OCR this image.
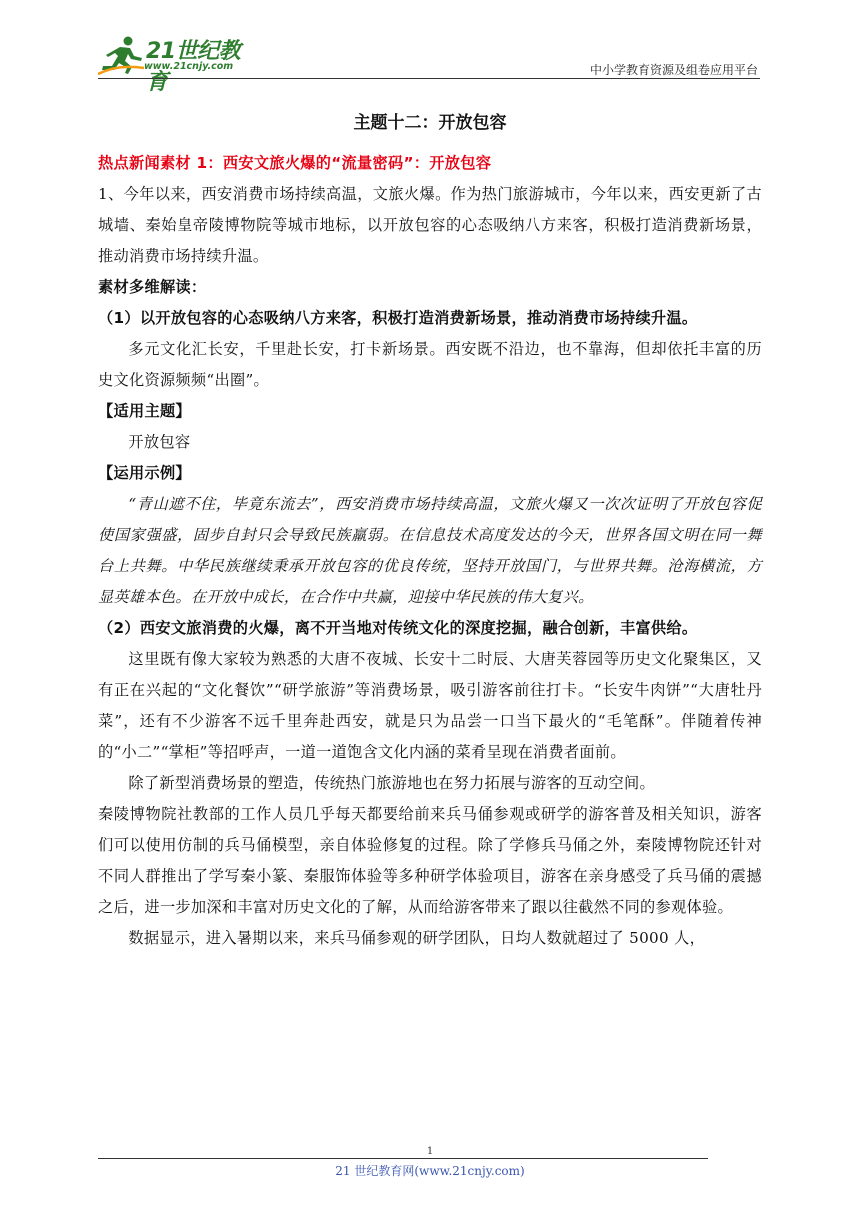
21世纪教育
www.21cnjy.com	中小学教育资源及组卷应用平台
主题十二：开放包容

热点新闻素材 1：西安文旅火爆的“流量密码”：开放包容

1、今年以来，西安消费市场持续高温，文旅火爆。作为热门旅游城市，今年以来，西安更新了古城墙、秦始皇帝陵博物院等城市地标，以开放包容的心态吸纳八方来客，积极打造消费新场景，推动消费市场持续升温。

素材多维解读：

（1）以开放包容的心态吸纳八方来客，积极打造消费新场景，推动消费市场持续升温。

多元文化汇长安，千里赴长安，打卡新场景。西安既不沿边，也不靠海，但却依托丰富的历史文化资源频频“出圈”。

【适用主题】

开放包容

【运用示例】

“青山遮不住，毕竟东流去”，西安消费市场持续高温，文旅火爆又一次次证明了开放包容促使国家强盛，固步自封只会导致民族羸弱。在信息技术高度发达的今天，世界各国文明在同一舞台上共舞。中华民族继续秉承开放包容的优良传统，坚持开放国门，与世界共舞。沧海横流，方显英雄本色。在开放中成长，在合作中共赢，迎接中华民族的伟大复兴。

（2）西安文旅消费的火爆，离不开当地对传统文化的深度挖掘，融合创新，丰富供给。

这里既有像大家较为熟悉的大唐不夜城、长安十二时辰、大唐芙蓉园等历史文化聚集区，又有正在兴起的“文化餐饮”“研学旅游”等消费场景，吸引游客前往打卡。“长安牛肉饼”“大唐牡丹菜”，还有不少游客不远千里奔赴西安，就是只为品尝一口当下最火的“毛笔酥”。伴随着传神的“小二”“掌柜”等招呼声，一道一道饱含文化内涵的菜肴呈现在消费者面前。

除了新型消费场景的塑造，传统热门旅游地也在努力拓展与游客的互动空间。

秦陵博物院社教部的工作人员几乎每天都要给前来兵马俑参观或研学的游客普及相关知识，游客们可以使用仿制的兵马俑模型，亲自体验修复的过程。除了学修兵马俑之外，秦陵博物院还针对不同人群推出了学写秦小篆、秦服饰体验等多种研学体验项目，游客在亲身感受了兵马俑的震撼之后，进一步加深和丰富对历史文化的了解，从而给游客带来了跟以往截然不同的参观体验。

数据显示，进入暑期以来，来兵马俑参观的研学团队，日均人数就超过了 5000 人，

1
21 世纪教育网(www.21cnjy.com)
